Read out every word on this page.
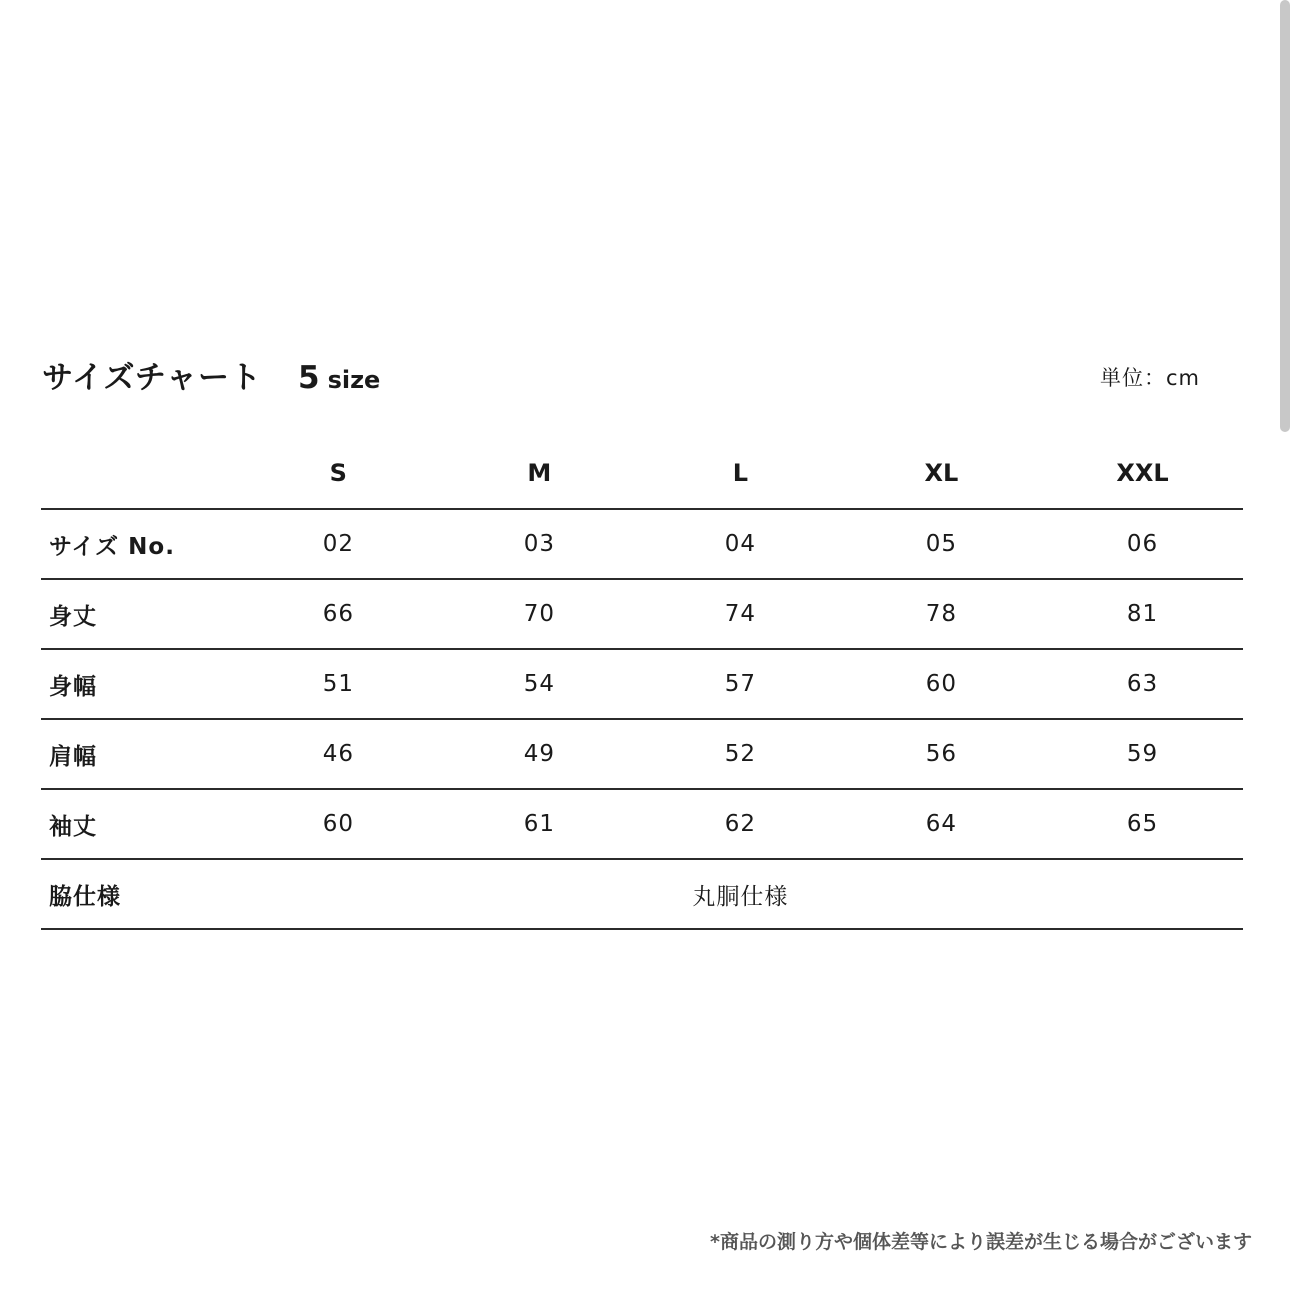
サイズチャート 5 size	単位：cm
	S	M	L	XL	XXL
サイズ No.	02	03	04	05	06
身丈	66	70	74	78	81
身幅	51	54	57	60	63
肩幅	46	49	52	56	59
袖丈	60	61	62	64	65
脇仕様	丸胴仕様				
*商品の測り方や個体差等により誤差が生じる場合がございます
